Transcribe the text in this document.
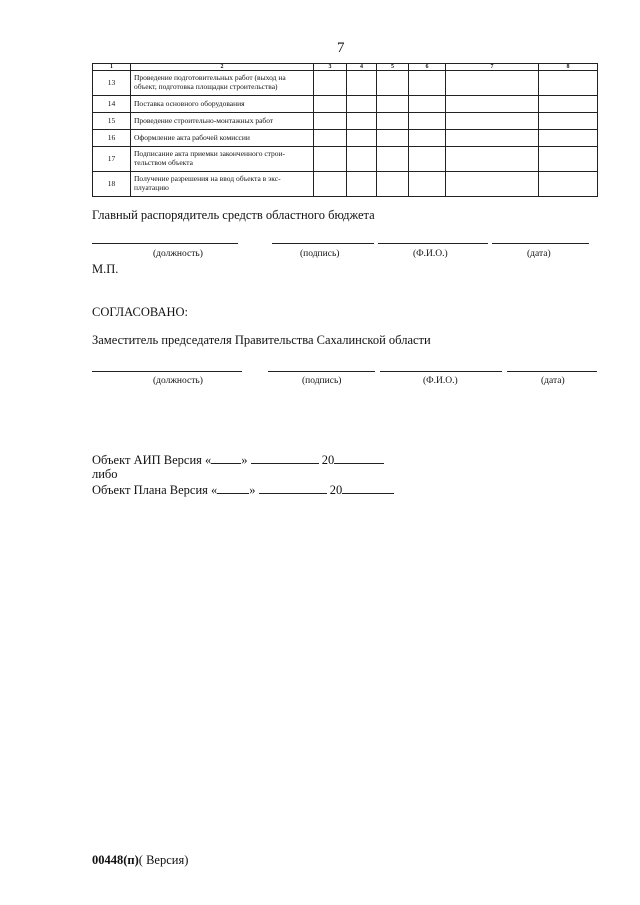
7
1	2	3	4	5	6	7	8
13	Проведение подготовительных работ (выход на
объект, подготовка площадки строительства)						
14	Поставка основного оборудования						
15	Проведение строительно-монтажных работ						
16	Оформление акта рабочей комиссии						
17	Подписание акта приемки законченного строи-
тельством объекта						
18	Получение разрешения на ввод объекта в экс-
плуатацию						
Главный распорядитель средств областного бюджета
(должность)	(подпись)	(Ф.И.О.)	(дата)
М.П.
СОГЛАСОВАНО:
Заместитель председателя Правительства Сахалинской области
(должность)	(подпись)	(Ф.И.О.)	(дата)
Объект АИП Версия « »	20
либо
Объект Плана Версия «	»	20
00448(п)( Версия)
